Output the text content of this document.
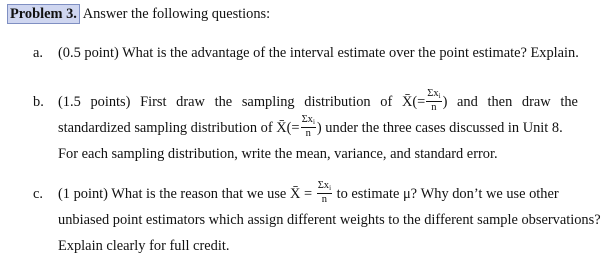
Problem 3. Answer the following questions:
a. (0.5 point) What is the advantage of the interval estimate over the point estimate? Explain.
b. (1.5 points) First draw the sampling distribution of X̄(= $\frac{\Sigma x_i}{n}$ ) and then draw the
standardized sampling distribution of X̄(= $\frac{\Sigma x_i}{n}$ ) under the three cases discussed in Unit 8.
For each sampling distribution, write the mean, variance, and standard error.
c. (1 point) What is the reason that we use X̄ = $\frac{\Sigma x_i}{n}$ to estimate μ? Why don’t we use other
unbiased point estimators which assign different weights to the different sample observations?
Explain clearly for full credit.
